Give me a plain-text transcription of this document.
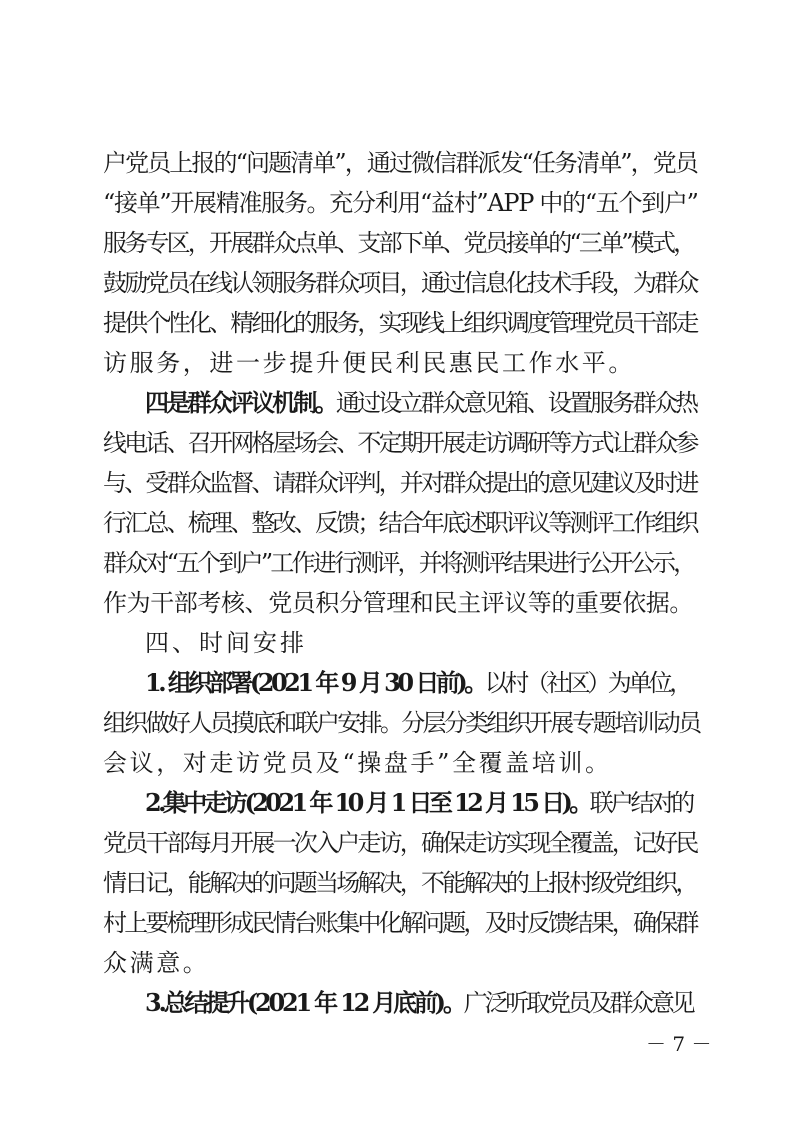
户党员上报的“问题清单”，通过微信群派发“任务清单”，党员
“接单”开展精准服务。充分利用“益村”APP 中的“五个到户”
服务专区，开展群众点单、支部下单、党员接单的“三单”模式，
鼓励党员在线认领服务群众项目，通过信息化技术手段，为群众
提供个性化、精细化的服务，实现线上组织调度管理党员干部走
访服务，进一步提升便民利民惠民工作水平。
四是群众评议机制。通过设立群众意见箱、设置服务群众热
线电话、召开网格屋场会、不定期开展走访调研等方式让群众参
与、受群众监督、请群众评判，并对群众提出的意见建议及时进
行汇总、梳理、整改、反馈；结合年底述职评议等测评工作组织
群众对“五个到户”工作进行测评，并将测评结果进行公开公示，
作为干部考核、党员积分管理和民主评议等的重要依据。
四、时间安排
1. 组织部署(2021 年 9 月 30 日前)。以村（社区）为单位，
组织做好人员摸底和联户安排。分层分类组织开展专题培训动员
会议，对走访党员及“操盘手”全覆盖培训。
2.集中走访(2021 年 10 月 1 日至 12 月 15 日)。联户结对的
党员干部每月开展一次入户走访，确保走访实现全覆盖，记好民
情日记，能解决的问题当场解决，不能解决的上报村级党组织，
村上要梳理形成民情台账集中化解问题，及时反馈结果，确保群
众满意。
3.总结提升(2021 年 12 月底前)。广泛听取党员及群众意见
－ 7 －
